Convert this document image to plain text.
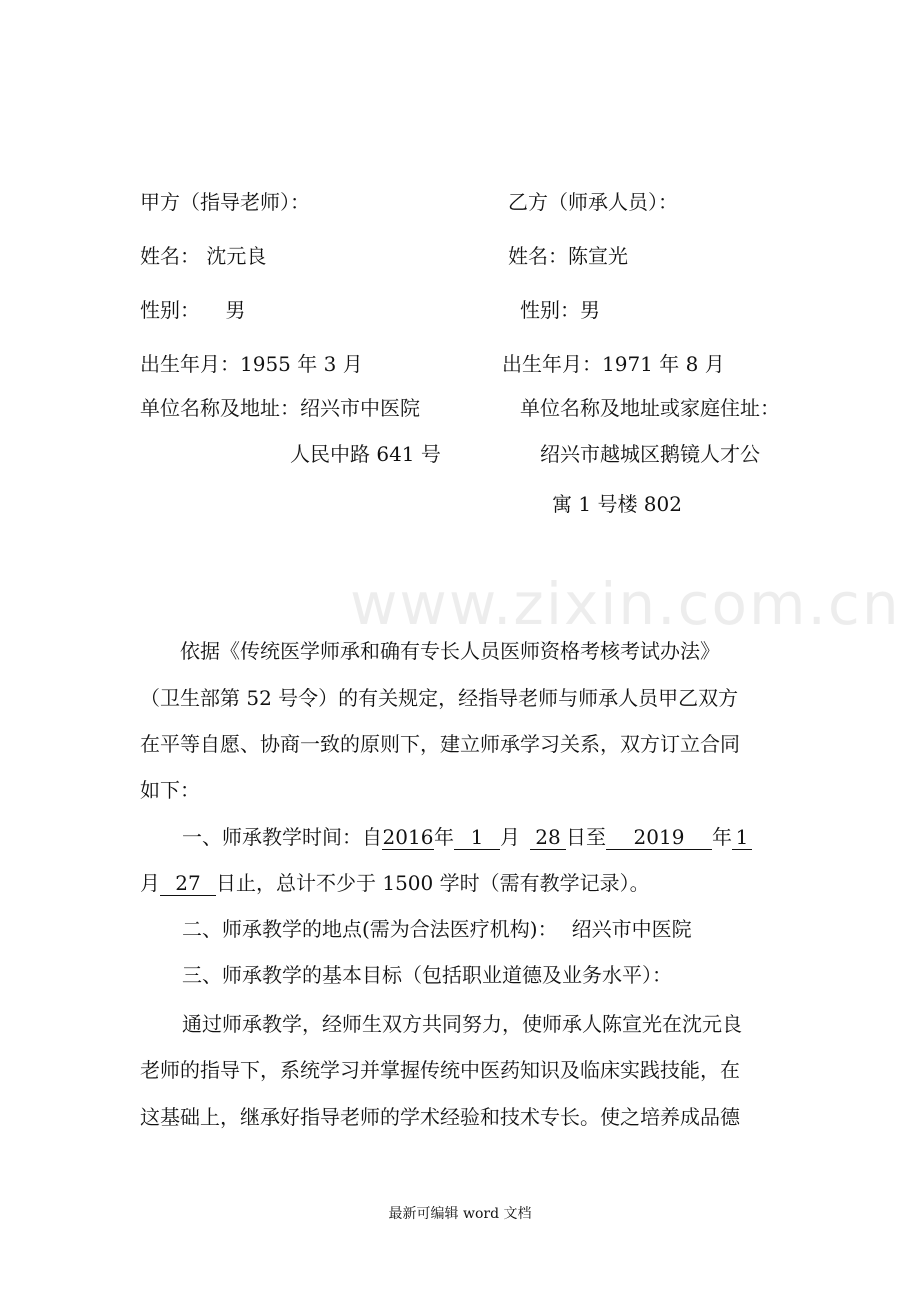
www.zixin.com.cn
甲方（指导老师）：
姓名： 沈元良
性别：    男
出生年月：1955 年 3 月
单位名称及地址：绍兴市中医院
人民中路 641 号
乙方（师承人员）：
姓名：陈宣光
性别：男
出生年月：1971 年 8 月
单位名称及地址或家庭住址：
绍兴市越城区鹅镜人才公
寓 1 号楼 802
依据《传统医学师承和确有专长人员医师资格考核考试办法》
（卫生部第 52 号令）的有关规定，经指导老师与师承人员甲乙双方
在平等自愿、协商一致的原则下，建立师承学习关系，双方订立合同
如下：
一、师承教学时间：自2016年 1 月 28 日至 2019 年 1
月 27 日止，总计不少于 1500 学时（需有教学记录）。
二、师承教学的地点(需为合法医疗机构)： 绍兴市中医院
三、师承教学的基本目标（包括职业道德及业务水平）：
通过师承教学，经师生双方共同努力，使师承人陈宣光在沈元良
老师的指导下，系统学习并掌握传统中医药知识及临床实践技能，在
这基础上，继承好指导老师的学术经验和技术专长。使之培养成品德
最新可编辑 word 文档
